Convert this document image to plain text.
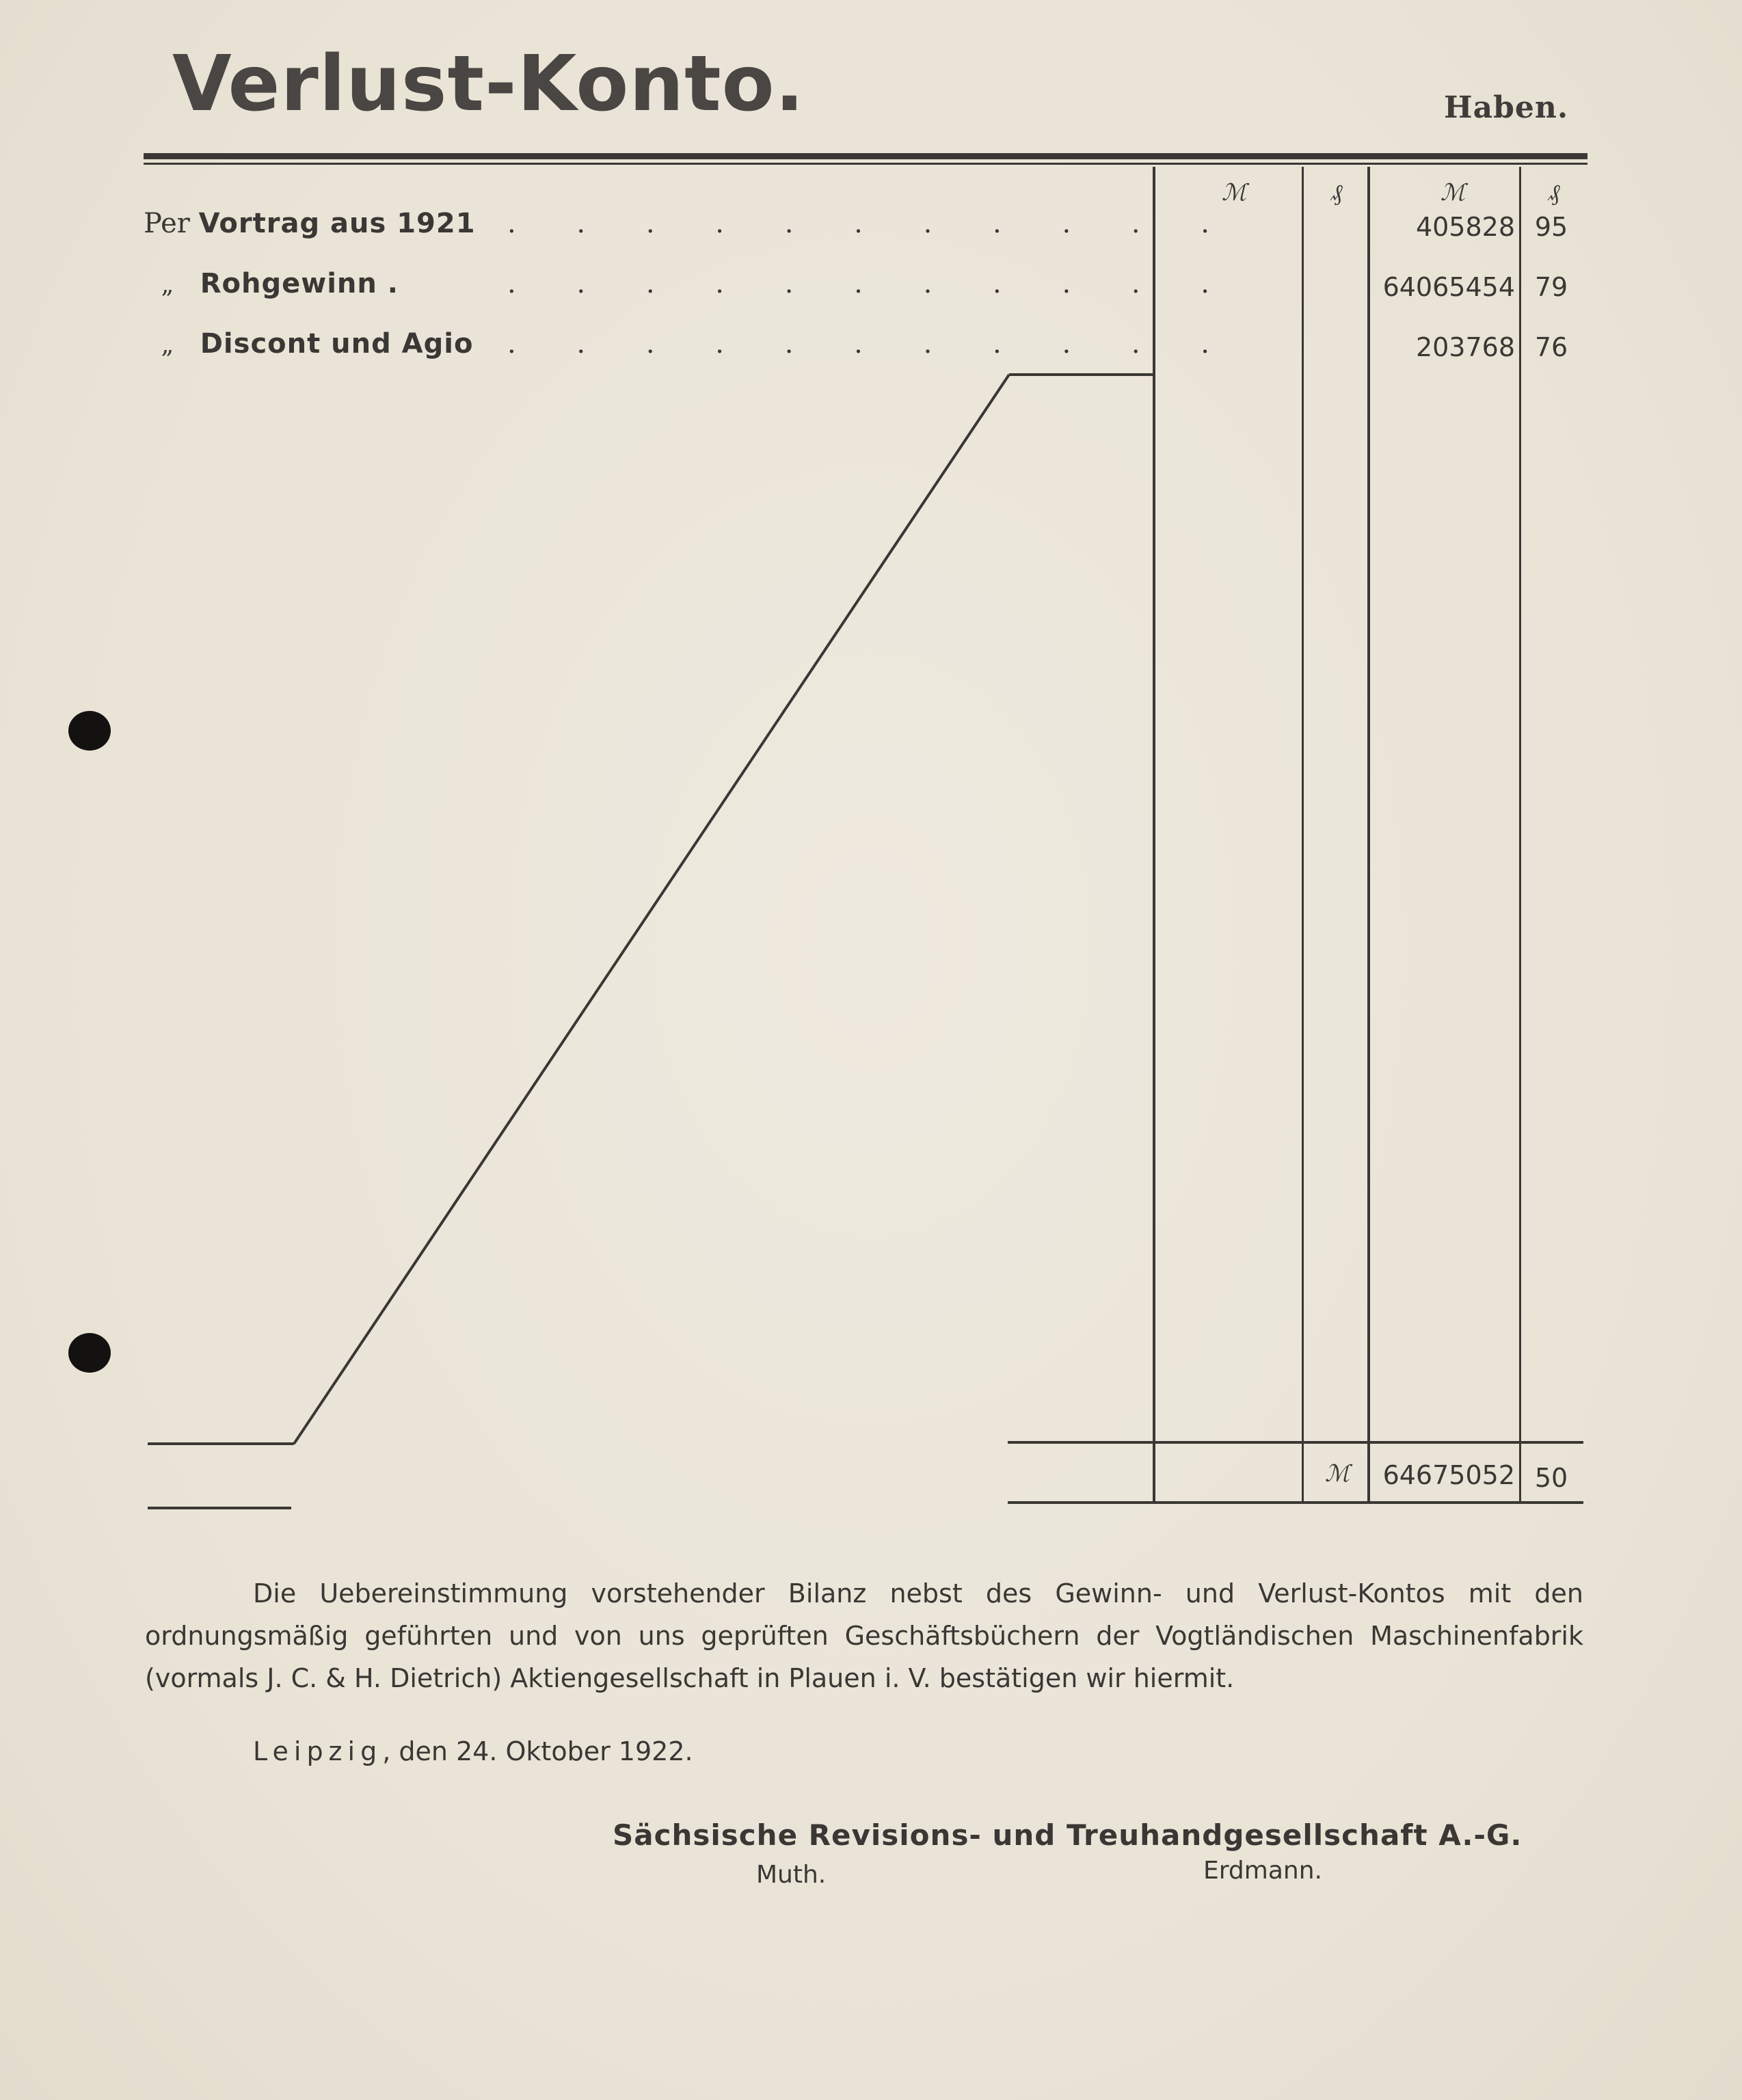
Verlust-Konto.	Haben.
ℳ	₰	ℳ	₰
Per Vortrag aus 1921 . . . . . . . . . . .	405828 95
„ Rohgewinn .	. . . . . . . . . . .	64065454 79
„ Discont und Agio . . . . . . . . . . .	203768 76
ℳ	64675052 50
Die Uebereinstimmung vorstehender Bilanz nebst des Gewinn- und Verlust-Kontos mit den ordnungsmäßig geführten und von uns geprüften Geschäftsbüchern der Vogtländischen Maschinenfabrik (vormals J. C. & H. Dietrich) Aktiengesellschaft in Plauen i. V. bestätigen wir hiermit.
Leipzig, den 24. Oktober 1922.
Sächsische Revisions- und Treuhandgesellschaft A.-G.
Muth.	Erdmann.
